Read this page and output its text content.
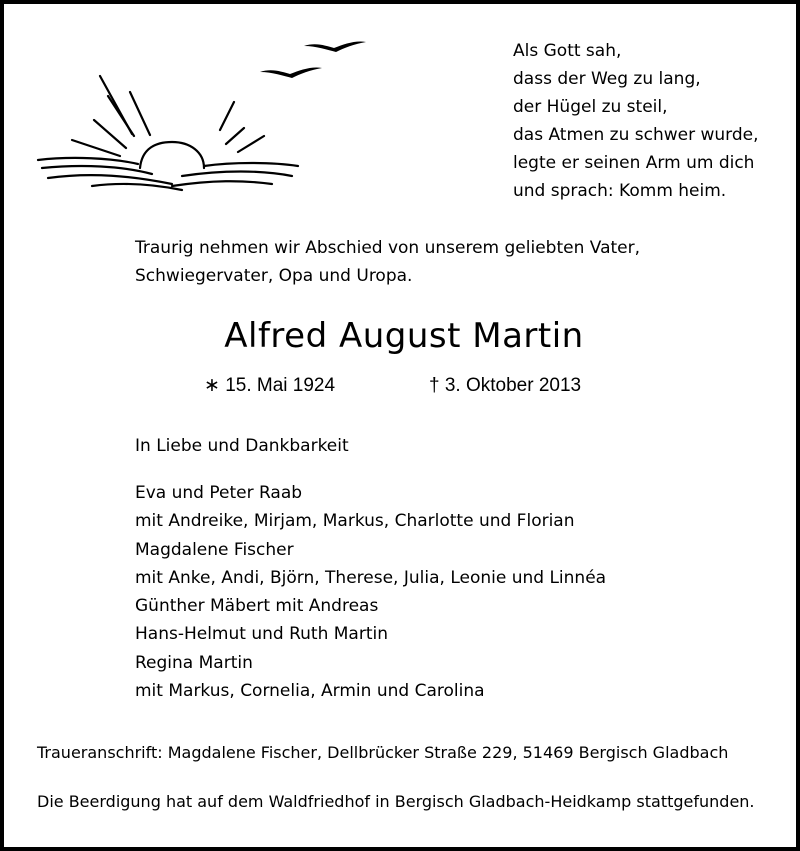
Als Gott sah,
dass der Weg zu lang,
der Hügel zu steil,
das Atmen zu schwer wurde,
legte er seinen Arm um dich
und sprach: Komm heim.
Traurig nehmen wir Abschied von unserem geliebten Vater,
Schwiegervater, Opa und Uropa.
Alfred August Martin
∗ 15. Mai 1924	† 3. Oktober 2013
In Liebe und Dankbarkeit
Eva und Peter Raab
mit Andreike, Mirjam, Markus, Charlotte und Florian
Magdalene Fischer
mit Anke, Andi, Björn, Therese, Julia, Leonie und Linnéa
Günther Mäbert mit Andreas
Hans-Helmut und Ruth Martin
Regina Martin
mit Markus, Cornelia, Armin und Carolina
Traueranschrift: Magdalene Fischer, Dellbrücker Straße 229, 51469 Bergisch Gladbach
Die Beerdigung hat auf dem Waldfriedhof in Bergisch Gladbach-Heidkamp stattgefunden.
